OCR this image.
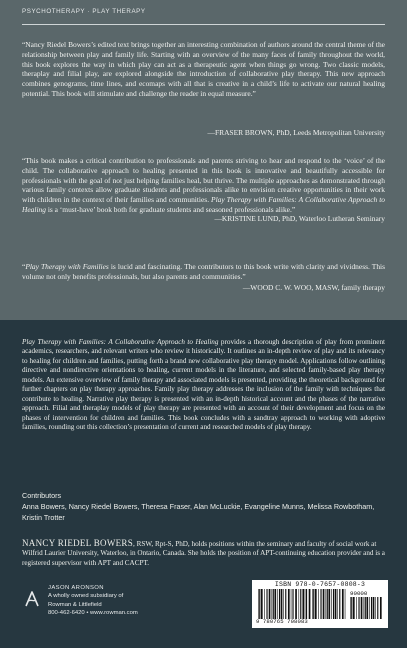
PSYCHOTHERAPY · PLAY THERAPY

“Nancy Riedel Bowers’s edited text brings together an interesting combination of authors around the central theme of the relationship between play and family life. Starting with an overview of the many faces of family throughout the world, this book explores the way in which play can act as a therapeutic agent when things go wrong. Two classic models, theraplay and filial play, are explored alongside the introduction of collaborative play therapy. This new approach combines genograms, time lines, and ecomaps with all that is creative in a child’s life to activate our natural healing potential. This book will stimulate and challenge the reader in equal measure.”

—FRASER BROWN, PhD, Leeds Metropolitan University

“This book makes a critical contribution to professionals and parents striving to hear and respond to the ‘voice’ of the child. The collaborative approach to healing presented in this book is innovative and beautifully accessible for professionals with the goal of not just helping families heal, but thrive. The multiple approaches as demonstrated through various family contexts allow graduate students and professionals alike to envision creative opportunities in their work with children in the context of their families and communities. Play Therapy with Families: A Collaborative Approach to Healing is a ‘must-have’ book both for graduate students and seasoned professionals alike.”

—KRISTINE LUND, PhD, Waterloo Lutheran Seminary

“Play Therapy with Families is lucid and fascinating. The contributors to this book write with clarity and vividness. This volume not only benefits professionals, but also parents and communities.”

—WOOD C. W. WOO, MASW, family therapy

Play Therapy with Families: A Collaborative Approach to Healing provides a thorough description of play from prominent academics, researchers, and relevant writers who review it historically. It outlines an in-depth review of play and its relevancy to healing for children and families, putting forth a brand new collaborative play therapy model. Applications follow outlining directive and nondirective orientations to healing, current models in the literature, and selected family-based play therapy models. An extensive overview of family therapy and associated models is presented, providing the theoretical background for further chapters on play therapy approaches. Family play therapy addresses the inclusion of the family with techniques that contribute to healing. Narrative play therapy is presented with an in-depth historical account and the phases of the narrative approach. Filial and theraplay models of play therapy are presented with an account of their development and focus on the phases of intervention for children and families. This book concludes with a sandtray approach to working with adoptive families, rounding out this collection’s presentation of current and researched models of play therapy.

Contributors

Anna Bowers, Nancy Riedel Bowers, Theresa Fraser, Alan McLuckie, Evangeline Munns, Melissa Rowbotham, Kristin Trotter

NANCY RIEDEL BOWERS, RSW, Rpt-S, PhD, holds positions within the seminary and faculty of social work at Wilfrid Laurier University, Waterloo, in Ontario, Canada. She holds the position of APT-continuing education provider and is a registered supervisor with APT and CACPT.

JASON ARONSON
A wholly owned subsidiary of
Rowman & Littlefield
800-462-6420 • www.rowman.com
ISBN 978-0-7657-0808-3
90000
9 780765 708083
